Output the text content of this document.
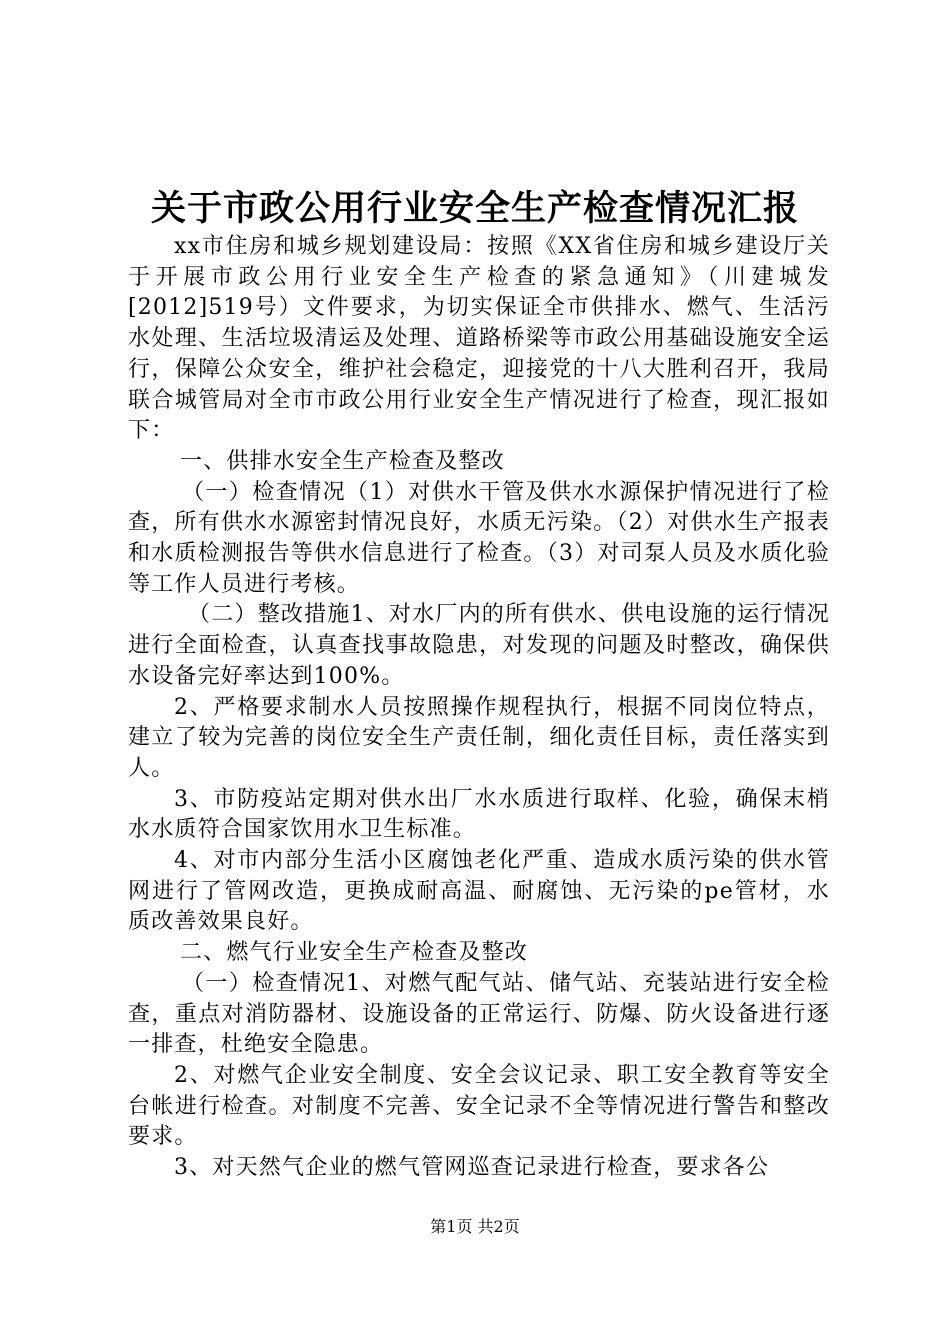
关于市政公用行业安全生产检查情况汇报

xx市住房和城乡规划建设局：按照《XX省住房和城乡建设厅关于开展市政公用行业安全生产检查的紧急通知》（川建城发[2012]519号）文件要求，为切实保证全市供排水、燃气、生活污水处理、生活垃圾清运及处理、道路桥梁等市政公用基础设施安全运行，保障公众安全，维护社会稳定，迎接党的十八大胜利召开，我局联合城管局对全市市政公用行业安全生产情况进行了检查，现汇报如下：

一、供排水安全生产检查及整改

（一）检查情况（1）对供水干管及供水水源保护情况进行了检查，所有供水水源密封情况良好，水质无污染。（2）对供水生产报表和水质检测报告等供水信息进行了检查。（3）对司泵人员及水质化验等工作人员进行考核。

（二）整改措施1、对水厂内的所有供水、供电设施的运行情况进行全面检查，认真查找事故隐患，对发现的问题及时整改，确保供水设备完好率达到100%。

2、严格要求制水人员按照操作规程执行，根据不同岗位特点，建立了较为完善的岗位安全生产责任制，细化责任目标，责任落实到人。

3、市防疫站定期对供水出厂水水质进行取样、化验，确保末梢水水质符合国家饮用水卫生标准。

4、对市内部分生活小区腐蚀老化严重、造成水质污染的供水管网进行了管网改造，更换成耐高温、耐腐蚀、无污染的pe管材，水质改善效果良好。

二、燃气行业安全生产检查及整改

（一）检查情况1、对燃气配气站、储气站、充装站进行安全检查，重点对消防器材、设施设备的正常运行、防爆、防火设备进行逐一排查，杜绝安全隐患。

2、对燃气企业安全制度、安全会议记录、职工安全教育等安全台帐进行检查。对制度不完善、安全记录不全等情况进行警告和整改要求。

3、对天然气企业的燃气管网巡查记录进行检查，要求各公

第1页 共2页
